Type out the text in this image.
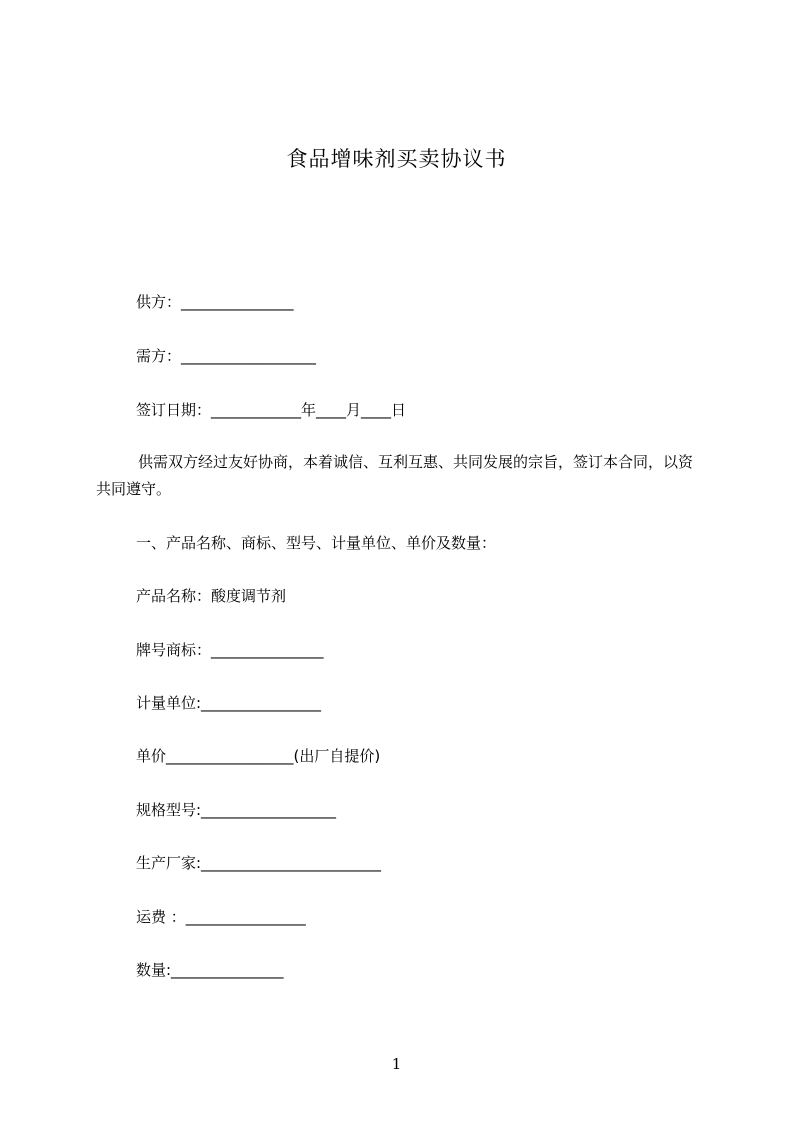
食品增味剂买卖协议书
供方：_______________
需方：__________________
签订日期：____________年____月____日
供需双方经过友好协商，本着诚信、互利互惠、共同发展的宗旨，签订本合同，以资共同遵守。
一、产品名称、商标、型号、计量单位、单价及数量：
产品名称：酸度调节剂
牌号商标：_______________
计量单位:________________
单价_________________(出厂自提价)
规格型号:__________________
生产厂家:________________________
运费 ：________________
数量:_______________
1
